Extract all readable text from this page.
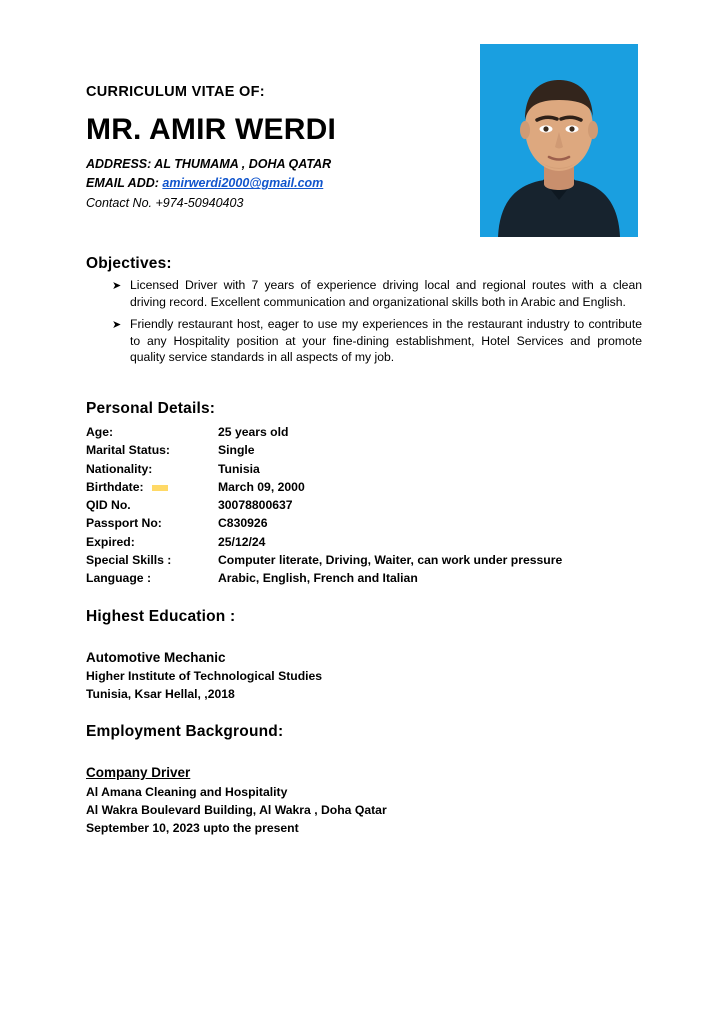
CURRICULUM VITAE OF:

MR. AMIR WERDI

ADDRESS: AL THUMAMA , DOHA QATAR

EMAIL ADD: amirwerdi2000@gmail.com

Contact No. +974-50940403

Objectives:
➤ Licensed Driver with 7 years of experience driving local and regional routes with a clean driving record. Excellent communication and organizational skills both in Arabic and English.
➤ Friendly restaurant host, eager to use my experiences in the restaurant industry to contribute to any Hospitality position at your fine-dining establishment, Hotel Services and promote quality service standards in all aspects of my job.
Personal Details:
Age:	25 years old
Marital Status:	Single
Nationality:	Tunisia
Birthdate:	March 09, 2000
QID No.	30078800637
Passport No:	C830926
Expired:	25/12/24
Special Skills :	Computer literate, Driving, Waiter, can work under pressure
Language :	Arabic, English, French and Italian
Highest Education :

Automotive Mechanic

Higher Institute of Technological Studies

Tunisia, Ksar Hellal, ,2018

Employment Background:

Company Driver

Al Amana Cleaning and Hospitality

Al Wakra Boulevard Building, Al Wakra , Doha Qatar

September 10, 2023 upto the present
